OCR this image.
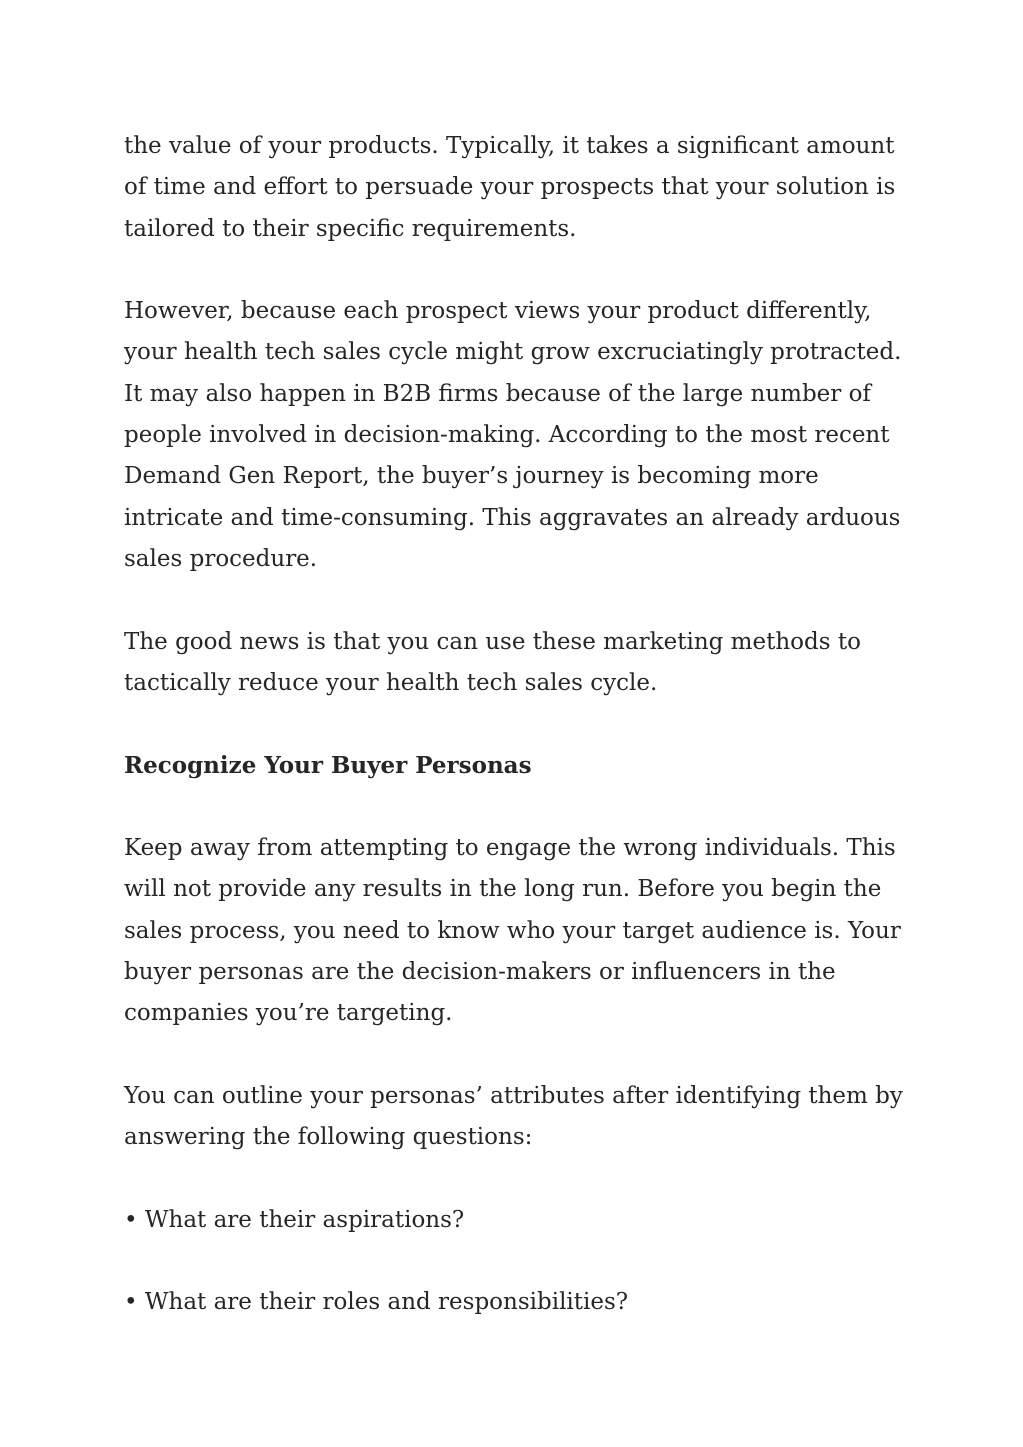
the value of your products. Typically, it takes a significant amount of time and effort to persuade your prospects that your solution is tailored to their specific requirements.

However, because each prospect views your product differently, your health tech sales cycle might grow excruciatingly protracted. It may also happen in B2B firms because of the large number of people involved in decision-making. According to the most recent Demand Gen Report, the buyer’s journey is becoming more intricate and time-consuming. This aggravates an already arduous sales procedure.

The good news is that you can use these marketing methods to tactically reduce your health tech sales cycle.

Recognize Your Buyer Personas

Keep away from attempting to engage the wrong individuals. This will not provide any results in the long run. Before you begin the sales process, you need to know who your target audience is. Your buyer personas are the decision-makers or influencers in the companies you’re targeting.

You can outline your personas’ attributes after identifying them by answering the following questions:

• What are their aspirations?

• What are their roles and responsibilities?
